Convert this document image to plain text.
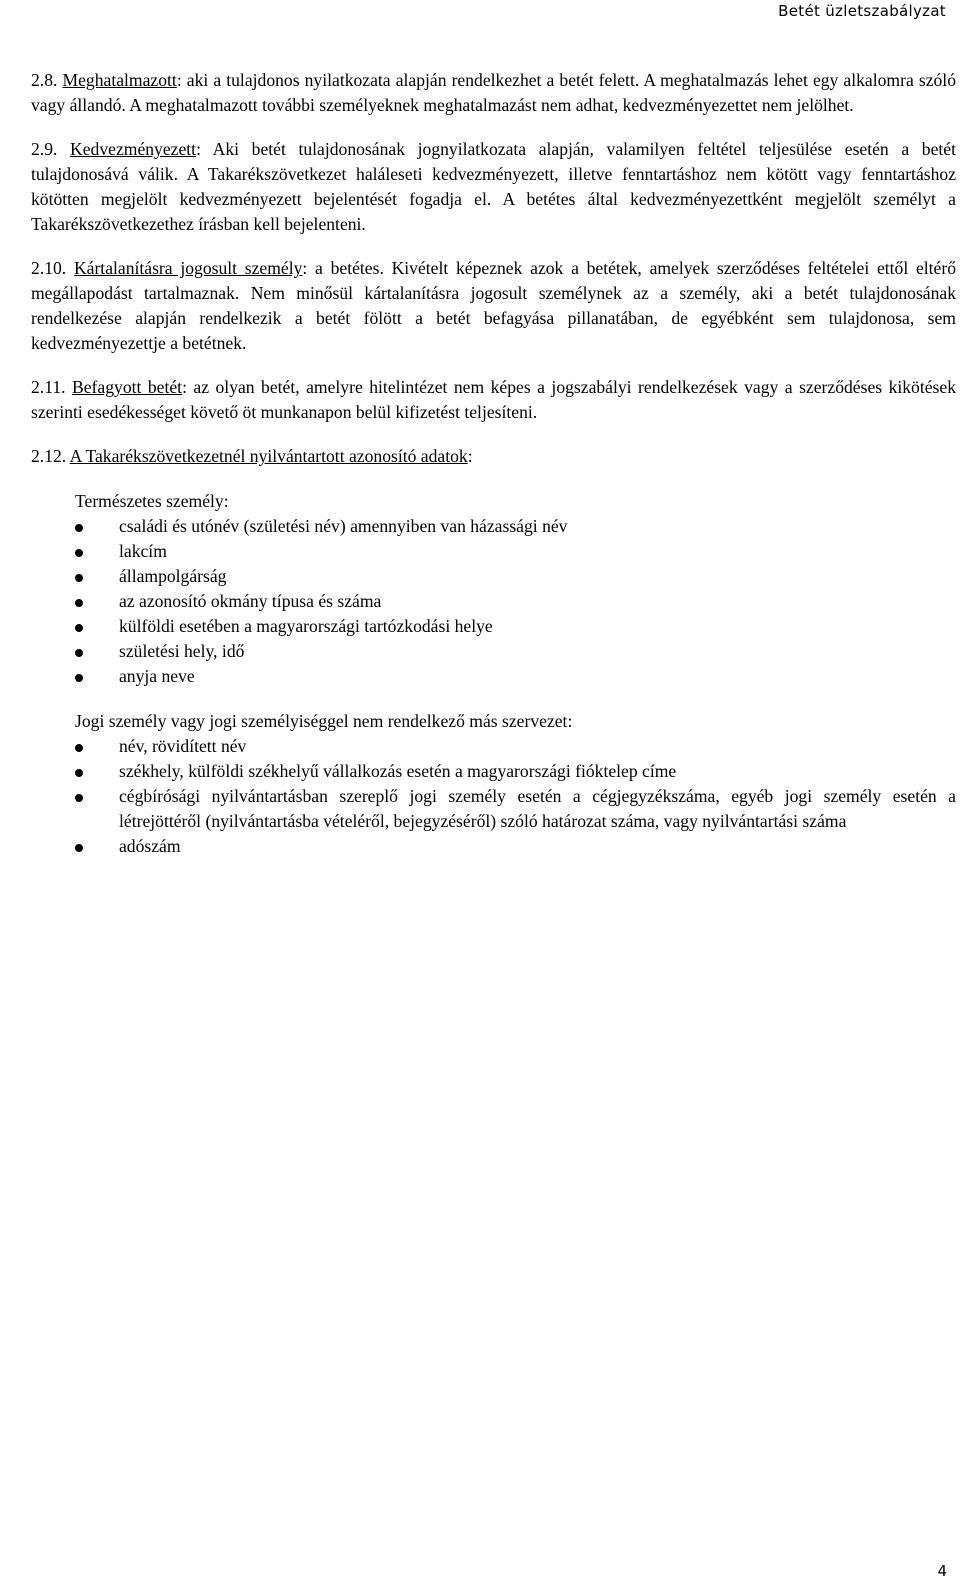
Betét üzletszabályzat

2.8. Meghatalmazott: aki a tulajdonos nyilatkozata alapján rendelkezhet a betét felett. A meghatalmazás lehet egy alkalomra szóló vagy állandó. A meghatalmazott további személyeknek meghatalmazást nem adhat, kedvezményezettet nem jelölhet.

2.9. Kedvezményezett: Aki betét tulajdonosának jognyilatkozata alapján, valamilyen feltétel teljesülése esetén a betét tulajdonosává válik. A Takarékszövetkezet haláleseti kedvezményezett, illetve fenntartáshoz nem kötött vagy fenntartáshoz kötötten megjelölt kedvezményezett bejelentését fogadja el. A betétes által kedvezményezettként megjelölt személyt a Takarékszövetkezethez írásban kell bejelenteni.

2.10. Kártalanításra jogosult személy: a betétes. Kivételt képeznek azok a betétek, amelyek szerződéses feltételei ettől eltérő megállapodást tartalmaznak. Nem minősül kártalanításra jogosult személynek az a személy, aki a betét tulajdonosának rendelkezése alapján rendelkezik a betét fölött a betét befagyása pillanatában, de egyébként sem tulajdonosa, sem kedvezményezettje a betétnek.

2.11. Befagyott betét: az olyan betét, amelyre hitelintézet nem képes a jogszabályi rendelkezések vagy a szerződéses kikötések szerinti esedékességet követő öt munkanapon belül kifizetést teljesíteni.

2.12. A Takarékszövetkezetnél nyilvántartott azonosító adatok:

Természetes személy:
családi és utónév (születési név) amennyiben van házassági név
lakcím
állampolgárság
az azonosító okmány típusa és száma
külföldi esetében a magyarországi tartózkodási helye
születési hely, idő
anyja neve
Jogi személy vagy jogi személyiséggel nem rendelkező más szervezet:
név, rövidített név
székhely, külföldi székhelyű vállalkozás esetén a magyarországi fióktelep címe
cégbírósági nyilvántartásban szereplő jogi személy esetén a cégjegyzékszáma, egyéb jogi személy esetén a létrejöttéről (nyilvántartásba vételéről, bejegyzéséről) szóló határozat száma, vagy nyilvántartási száma
adószám
4
